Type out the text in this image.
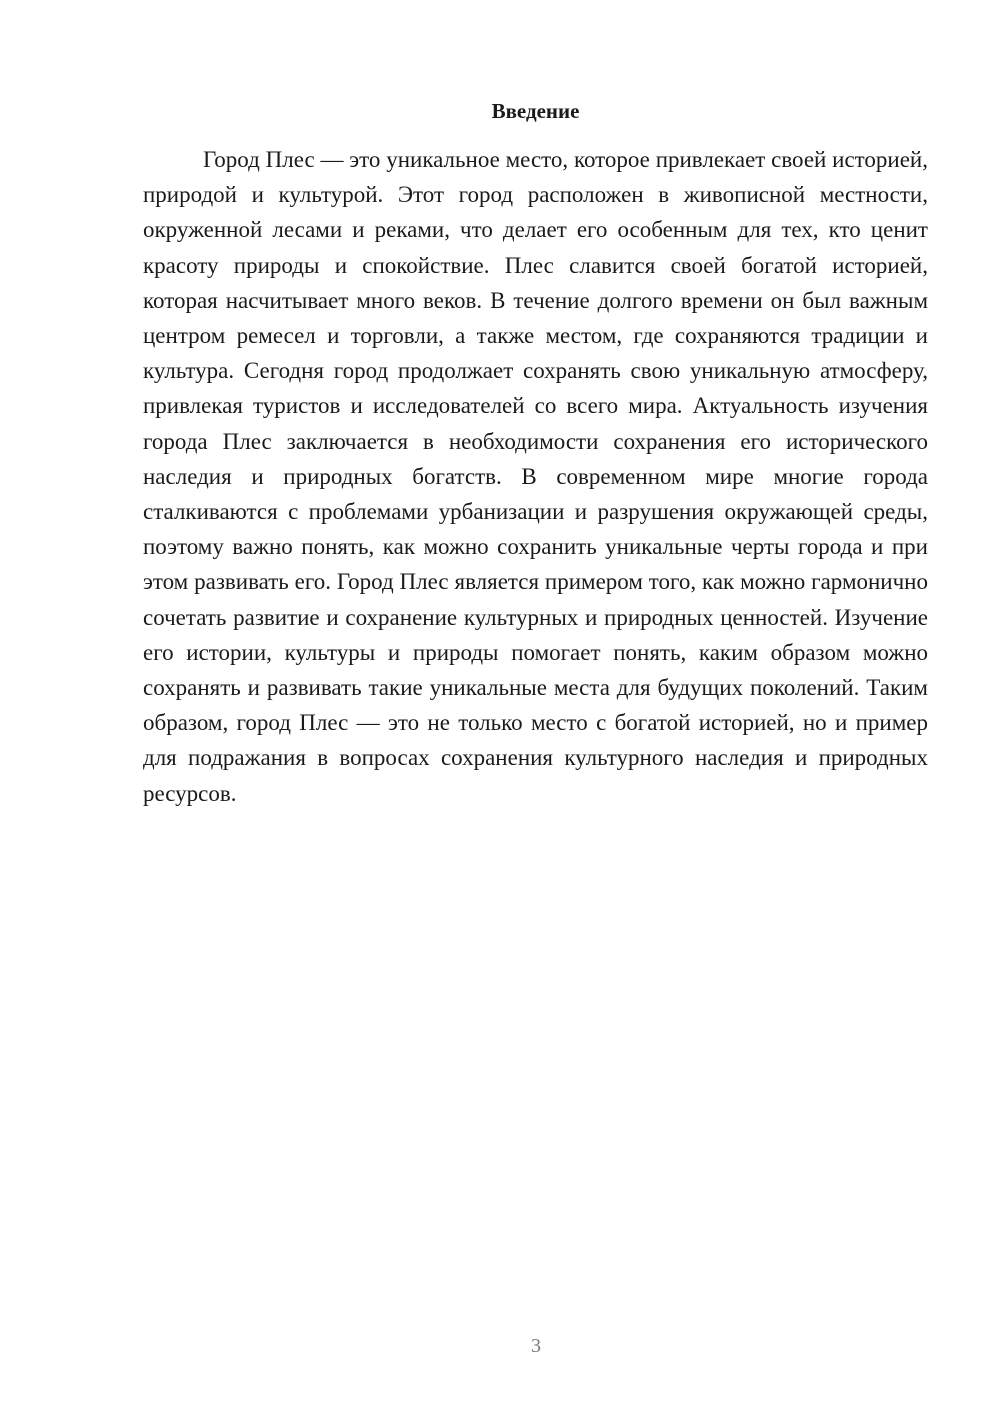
Введение

Город Плес — это уникальное место, которое привлекает своей историей, природой и культурой. Этот город расположен в живописной местности, окруженной лесами и реками, что делает его особенным для тех, кто ценит красоту природы и спокойствие. Плес славится своей богатой историей, которая насчитывает много веков. В течение долгого времени он был важным центром ремесел и торговли, а также местом, где сохраняются традиции и культура. Сегодня город продолжает сохранять свою уникальную атмосферу, привлекая туристов и исследователей со всего мира. Актуальность изучения города Плес заключается в необходимости сохранения его исторического наследия и природных богатств. В современном мире многие города сталкиваются с проблемами урбанизации и разрушения окружающей среды, поэтому важно понять, как можно сохранить уникальные черты города и при этом развивать его. Город Плес является примером того, как можно гармонично сочетать развитие и сохранение культурных и природных ценностей. Изучение его истории, культуры и природы помогает понять, каким образом можно сохранять и развивать такие уникальные места для будущих поколений. Таким образом, город Плес — это не только место с богатой историей, но и пример для подражания в вопросах сохранения культурного наследия и природных ресурсов.

3
